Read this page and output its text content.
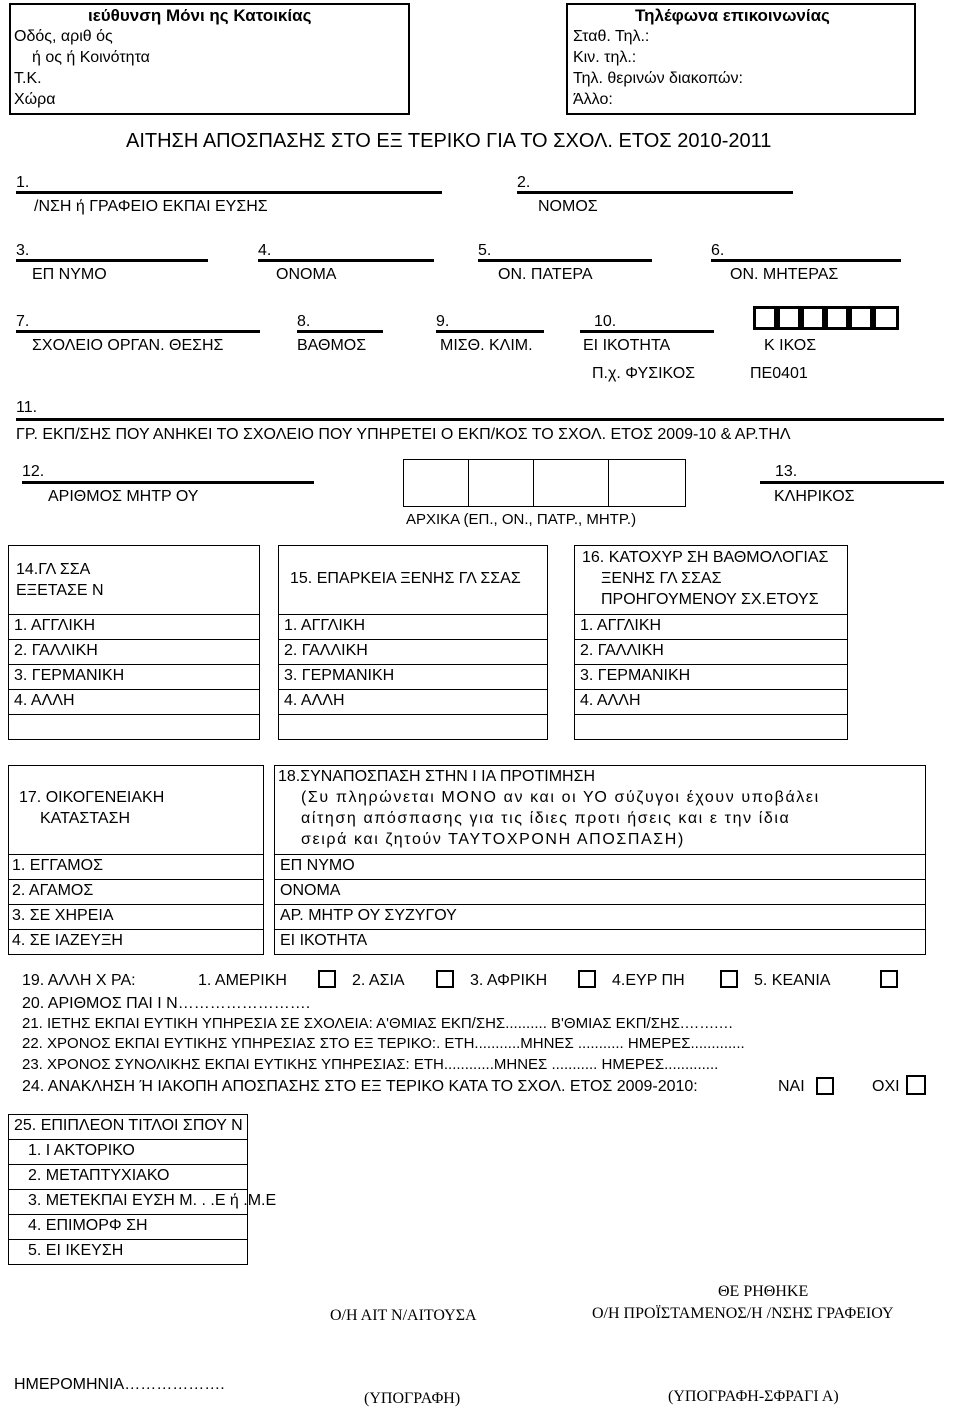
ιεύθυνση Μόνι ης Κατοικίας
Οδός, αριθ ός
ή ος ή Κοινότητα
Τ.Κ.
Χώρα
Τηλέφωνα επικοινωνίας
Σταθ. Τηλ.:
Κιν. τηλ.:
Τηλ. θερινών διακοπών:
Άλλο:
ΑΙΤΗΣΗ ΑΠΟΣΠΑΣΗΣ ΣΤΟ ΕΞ ΤΕΡΙΚΟ ΓΙΑ ΤΟ ΣΧΟΛ. ΕΤΟΣ 2010-2011
1.
/ΝΣΗ ή ΓΡΑΦΕΙΟ ΕΚΠΑΙ ΕΥΣΗΣ
2.
ΝΟΜΟΣ
3.
ΕΠ ΝΥΜΟ
4.
ΟΝΟΜΑ
5.
ΟΝ. ΠΑΤΕΡΑ
6.
ΟΝ. ΜΗΤΕΡΑΣ
7.
ΣΧΟΛΕΙΟ ΟΡΓΑΝ. ΘΕΣΗΣ
8.
ΒΑΘΜΟΣ
9.
ΜΙΣΘ. ΚΛΙΜ.
10.
ΕΙ ΙΚΟΤΗΤΑ	Κ ΙΚΟΣ
Π.χ. ΦΥΣΙΚΟΣ	ΠΕ0401
11.
ΓΡ. ΕΚΠ/ΣΗΣ ΠΟΥ ΑΝΗΚΕΙ ΤΟ ΣΧΟΛΕΙΟ ΠΟΥ ΥΠΗΡΕΤΕΙ Ο ΕΚΠ/ΚΟΣ ΤΟ ΣΧΟΛ. ΕΤΟΣ 2009-10 & ΑΡ.ΤΗΛ
12.
ΑΡΙΘΜΟΣ ΜΗΤΡ ΟΥ
ΑΡΧΙΚΑ (ΕΠ., ΟΝ., ΠΑΤΡ., ΜΗΤΡ.)
13.
ΚΛΗΡΙΚΟΣ
14.ΓΛ ΣΣΑ
ΕΞΕΤΑΣΕ Ν
1. ΑΓΓΛΙΚΗ
2. ΓΑΛΛΙΚΗ
3. ΓΕΡΜΑΝΙΚΗ
4. ΑΛΛΗ
15. ΕΠΑΡΚΕΙΑ ΞΕΝΗΣ ΓΛ ΣΣΑΣ
1. ΑΓΓΛΙΚΗ
2. ΓΑΛΛΙΚΗ
3. ΓΕΡΜΑΝΙΚΗ
4. ΑΛΛΗ
16. ΚΑΤΟΧΥΡ ΣΗ ΒΑΘΜΟΛΟΓΙΑΣ
ΞΕΝΗΣ ΓΛ ΣΣΑΣ
ΠΡΟΗΓΟΥΜΕΝΟΥ ΣΧ.ΕΤΟΥΣ
1. ΑΓΓΛΙΚΗ
2. ΓΑΛΛΙΚΗ
3. ΓΕΡΜΑΝΙΚΗ
4. ΑΛΛΗ
17. ΟΙΚΟΓΕΝΕΙΑΚΗ
ΚΑΤΑΣΤΑΣΗ
1. ΕΓΓΑΜΟΣ
2. ΑΓΑΜΟΣ
3. ΣΕ ΧΗΡΕΙΑ
4. ΣΕ ΙΑΖΕΥΞΗ
18.ΣΥΝΑΠΟΣΠΑΣΗ ΣΤΗΝ Ι ΙΑ ΠΡΟΤΙΜΗΣΗ
(Συ πληρώνεται ΜΟΝΟ αν και οι ΥΟ σύζυγοι έχουν υποβάλει
αίτηση απόσπασης για τις ίδιες προτι ήσεις και ε την ίδια
σειρά και ζητούν ΤΑΥΤΟΧΡΟΝΗ ΑΠΟΣΠΑΣΗ)
ΕΠ ΝΥΜΟ
ΟΝΟΜΑ
ΑΡ. ΜΗΤΡ ΟΥ ΣΥΖΥΓΟΥ
ΕΙ ΙΚΟΤΗΤΑ
19. ΑΛΛΗ Χ ΡΑ:	1. ΑΜΕΡΙΚΗ	2. ΑΣΙΑ	3. ΑΦΡΙΚΗ	4.ΕΥΡ ΠΗ	5. ΚΕΑΝΙΑ
20. ΑΡΙΘΜΟΣ ΠΑΙ Ι Ν…………………….
21. ΙΕΤΗΣ ΕΚΠΑΙ ΕΥΤΙΚΗ ΥΠΗΡΕΣΙΑ ΣΕ ΣΧΟΛΕΙΑ: Α'ΘΜΙΑΣ ΕΚΠ/ΣΗΣ.......... Β'ΘΜΙΑΣ ΕΚΠ/ΣΗΣ.…….…
22. ΧΡΟΝΟΣ ΕΚΠΑΙ ΕΥΤΙΚΗΣ ΥΠΗΡΕΣΙΑΣ ΣΤΟ ΕΞ ΤΕΡΙΚΟ:. ΕΤΗ...........ΜΗΝΕΣ ........... ΗΜΕΡΕΣ.............
23. ΧΡΟΝΟΣ ΣΥΝΟΛΙΚΗΣ ΕΚΠΑΙ ΕΥΤΙΚΗΣ ΥΠΗΡΕΣΙΑΣ: ΕΤΗ............ΜΗΝΕΣ ........... ΗΜΕΡΕΣ.............
24. ΑΝΑΚΛΗΣΗ Ή ΙΑΚΟΠΗ ΑΠΟΣΠΑΣΗΣ ΣΤΟ ΕΞ ΤΕΡΙΚΟ ΚΑΤΑ ΤΟ ΣΧΟΛ. ΕΤΟΣ 2009-2010:	ΝΑΙ	ΟΧΙ
25. ΕΠΙΠΛΕΟΝ ΤΙΤΛΟΙ ΣΠΟΥ Ν
1. Ι ΑΚΤΟΡΙΚΟ
2. ΜΕΤΑΠΤΥΧΙΑΚΟ
3. ΜΕΤΕΚΠΑΙ ΕΥΣΗ Μ. . .Ε ή .Μ.Ε
4. ΕΠΙΜΟΡΦ ΣΗ
5. ΕΙ ΙΚΕΥΣΗ
ΘΕ ΡΗΘΗΚΕ
Ο/Η ΠΡΟΪΣΤΑΜΕΝΟΣ/Η /ΝΣΗΣ ΓΡΑΦΕΙΟΥ
Ο/Η ΑΙΤ Ν/ΑΙΤΟΥΣΑ
ΗΜΕΡΟΜΗΝΙΑ……………….
(ΥΠΟΓΡΑΦΗ)	(ΥΠΟΓΡΑΦΗ-ΣΦΡΑΓΙ Α)
